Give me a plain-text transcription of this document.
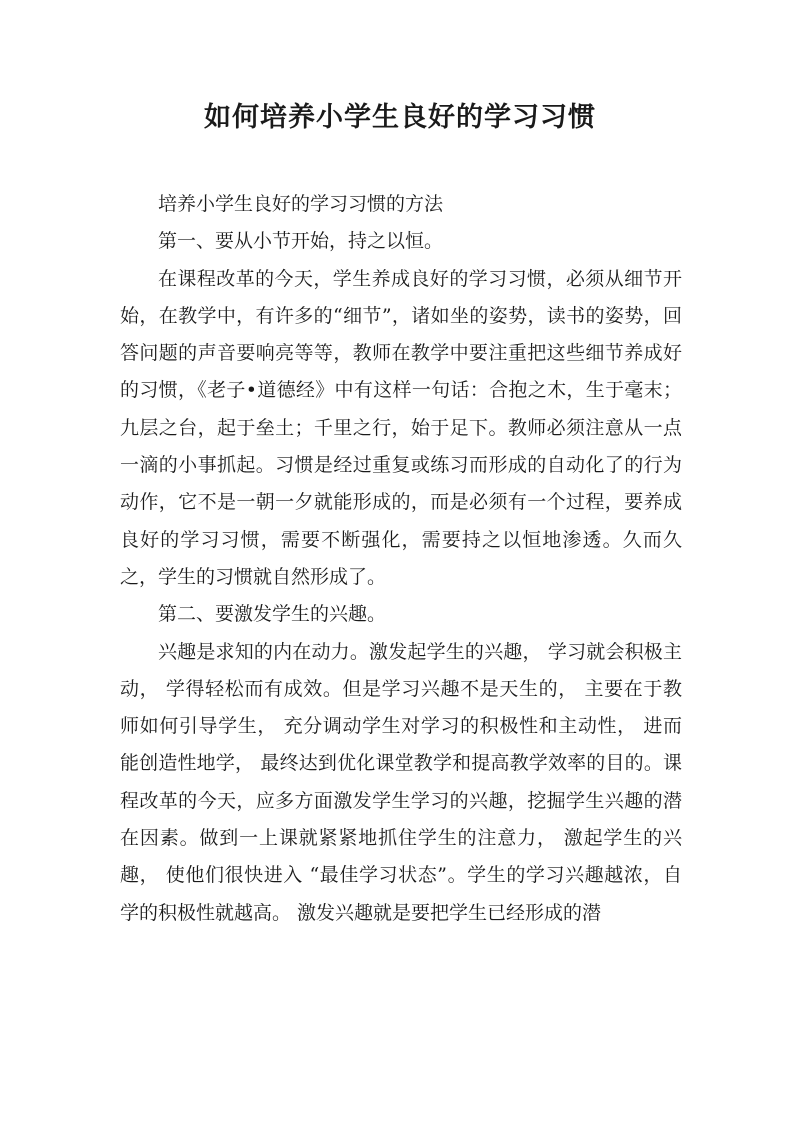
如何培养小学生良好的学习习惯

培养小学生良好的学习习惯的方法

第一、要从小节开始，持之以恒。

在课程改革的今天，学生养成良好的学习习惯，必须从细节开始，在教学中，有许多的“细节”，诸如坐的姿势，读书的姿势，回答问题的声音要响亮等等，教师在教学中要注重把这些细节养成好的习惯，《老子•道德经》中有这样一句话：合抱之木，生于毫末；九层之台，起于垒土；千里之行，始于足下。教师必须注意从一点一滴的小事抓起。习惯是经过重复或练习而形成的自动化了的行为动作，它不是一朝一夕就能形成的，而是必须有一个过程，要养成良好的学习习惯，需要不断强化，需要持之以恒地渗透。久而久之，学生的习惯就自然形成了。

第二、要激发学生的兴趣。

兴趣是求知的内在动力。激发起学生的兴趣， 学习就会积极主动， 学得轻松而有成效。但是学习兴趣不是天生的， 主要在于教师如何引导学生， 充分调动学生对学习的积极性和主动性， 进而能创造性地学， 最终达到优化课堂教学和提高教学效率的目的。课程改革的今天，应多方面激发学生学习的兴趣，挖掘学生兴趣的潜在因素。做到一上课就紧紧地抓住学生的注意力， 激起学生的兴趣， 使他们很快进入 “最佳学习状态”。学生的学习兴趣越浓，自学的积极性就越高。 激发兴趣就是要把学生已经形成的潜
